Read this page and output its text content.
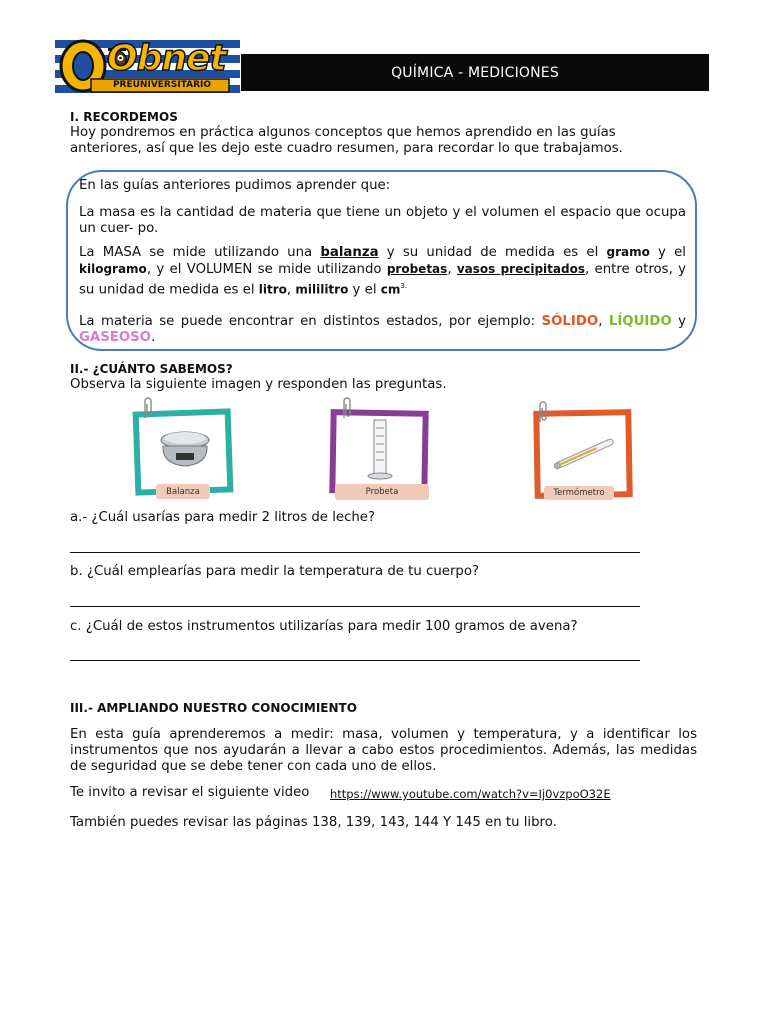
Obnet
PREUNIVERSITARIO
QUÍMICA - MEDICIONES
I. RECORDEMOS
Hoy pondremos en práctica algunos conceptos que hemos aprendido en las guías anteriores, así que les dejo este cuadro resumen, para recordar lo que trabajamos.

En las guías anteriores pudimos aprender que:

La masa es la cantidad de materia que tiene un objeto y el volumen el espacio que ocupa un cuer- po.

La MASA se mide utilizando una balanza y su unidad de medida es el gramo y el kilogramo, y el VOLUMEN se mide utilizando probetas, vasos precipitados, entre otros, y su unidad de medida es el litro, mililitro y el $cm^{3.}$

La materia se puede encontrar en distintos estados, por ejemplo: SÓLIDO, LÍQUIDO y GASEOSO.

II.- ¿CUÁNTO SABEMOS?
Observa la siguiente imagen y responden las preguntas.
Balanza	Probeta	Termómetro
a.- ¿Cuál usarías para medir 2 litros de leche?
b. ¿Cuál emplearías para medir la temperatura de tu cuerpo?
c. ¿Cuál de estos instrumentos utilizarías para medir 100 gramos de avena?
III.- AMPLIANDO NUESTRO CONOCIMIENTO
En esta guía aprenderemos a medir: masa, volumen y temperatura, y a identificar los instrumentos que nos ayudarán a llevar a cabo estos procedimientos. Además, las medidas de seguridad que se debe tener con cada uno de ellos.
Te invito a revisar el siguiente video https://www.youtube.com/watch?v=Ij0vzpoO32E
También puedes revisar las páginas 138, 139, 143, 144 Y 145 en tu libro.
